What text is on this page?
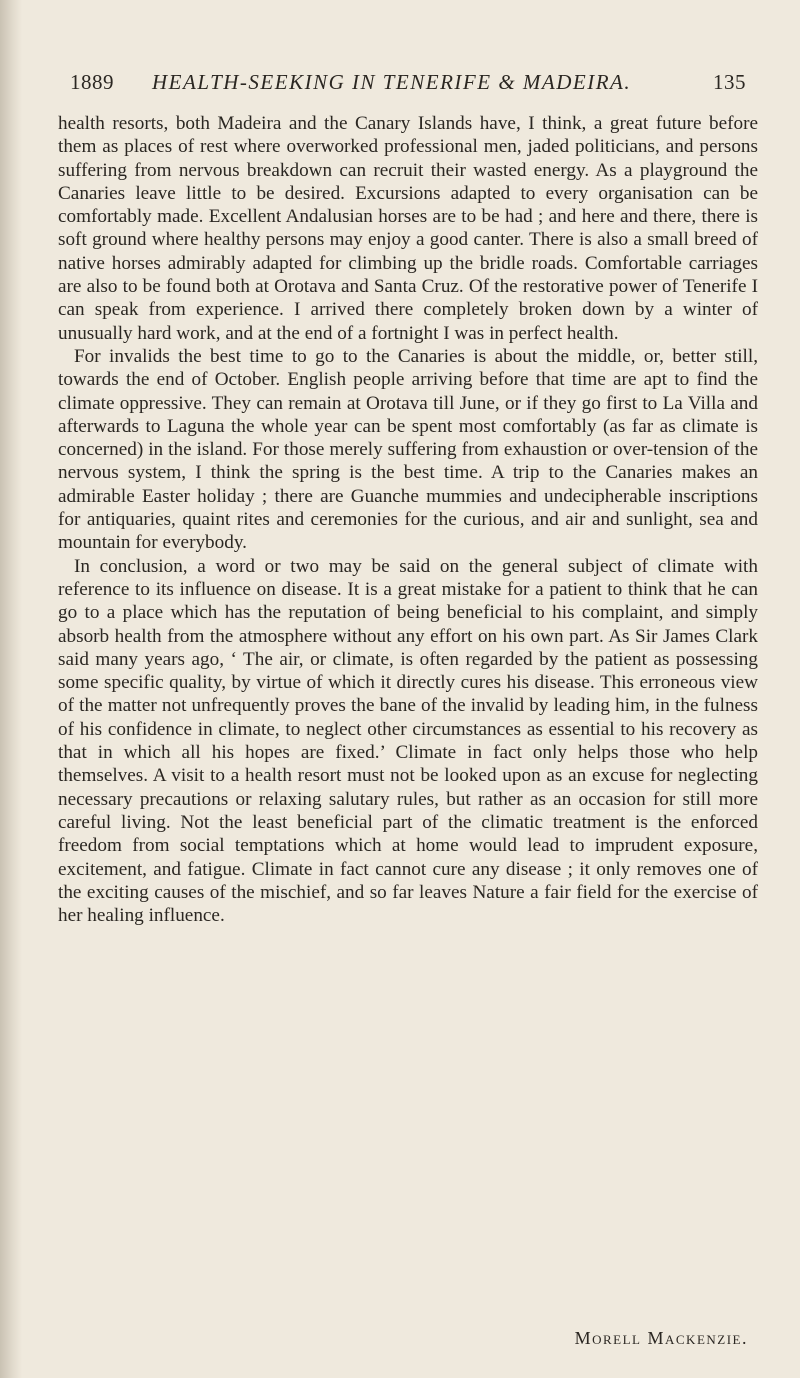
1889 HEALTH-SEEKING IN TENERIFE & MADEIRA.	135

health resorts, both Madeira and the Canary Islands have, I think, a great future before them as places of rest where overworked professional men, jaded politicians, and persons suffering from nervous breakdown can recruit their wasted energy. As a playground the Canaries leave little to be desired. Excursions adapted to every organisation can be comfortably made. Excellent Andalusian horses are to be had ; and here and there, there is soft ground where healthy persons may enjoy a good canter. There is also a small breed of native horses admirably adapted for climbing up the bridle roads. Comfortable carriages are also to be found both at Orotava and Santa Cruz. Of the restorative power of Tenerife I can speak from experience. I arrived there completely broken down by a winter of unusually hard work, and at the end of a fortnight I was in perfect health.

For invalids the best time to go to the Canaries is about the middle, or, better still, towards the end of October. English people arriving before that time are apt to find the climate oppressive. They can remain at Orotava till June, or if they go first to La Villa and afterwards to Laguna the whole year can be spent most comfortably (as far as climate is concerned) in the island. For those merely suffering from exhaustion or over-tension of the nervous system, I think the spring is the best time. A trip to the Canaries makes an admirable Easter holiday ; there are Guanche mummies and undecipherable inscriptions for antiquaries, quaint rites and ceremonies for the curious, and air and sunlight, sea and mountain for everybody.

In conclusion, a word or two may be said on the general subject of climate with reference to its influence on disease. It is a great mistake for a patient to think that he can go to a place which has the reputation of being beneficial to his complaint, and simply absorb health from the atmosphere without any effort on his own part. As Sir James Clark said many years ago, ‘ The air, or climate, is often regarded by the patient as possessing some specific quality, by virtue of which it directly cures his disease. This erroneous view of the matter not unfrequently proves the bane of the invalid by leading him, in the fulness of his confidence in climate, to neglect other circumstances as essential to his recovery as that in which all his hopes are fixed.’ Climate in fact only helps those who help themselves. A visit to a health resort must not be looked upon as an excuse for neglecting necessary precautions or relaxing salutary rules, but rather as an occasion for still more careful living. Not the least beneficial part of the climatic treatment is the enforced freedom from social temptations which at home would lead to imprudent exposure, excitement, and fatigue. Climate in fact cannot cure any disease ; it only removes one of the exciting causes of the mischief, and so far leaves Nature a fair field for the exercise of her healing influence.

Morell Mackenzie.
